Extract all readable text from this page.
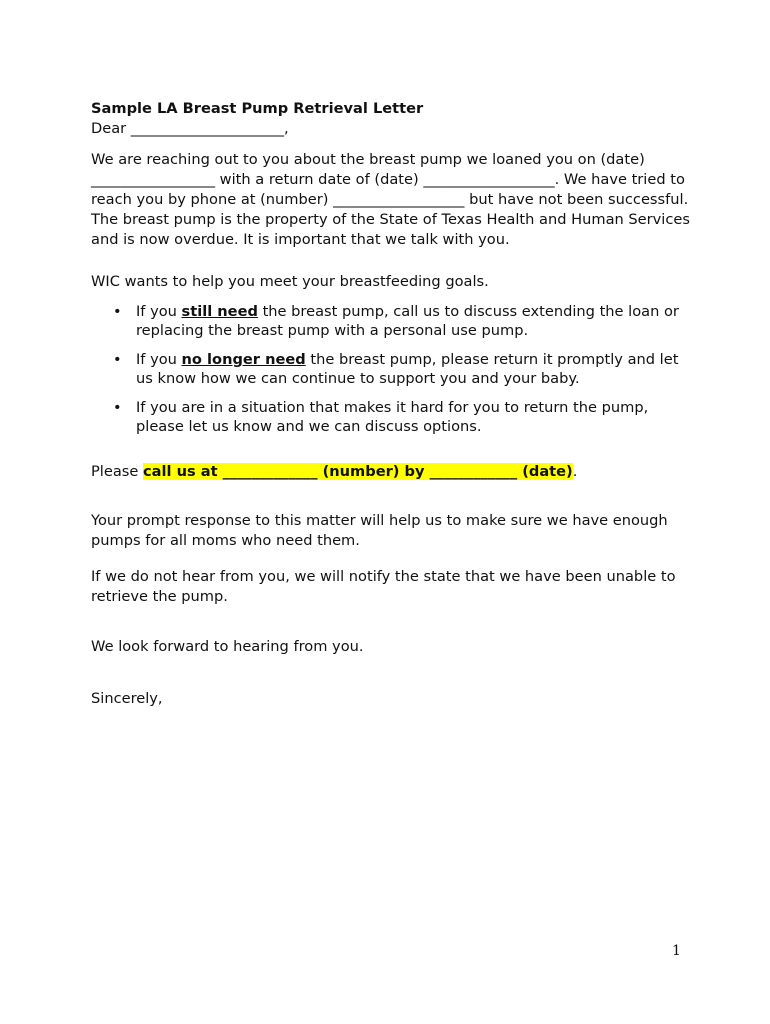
Sample LA Breast Pump Retrieval Letter

Dear _____________________,

We are reaching out to you about the breast pump we loaned you on (date) _________________ with a return date of (date) __________________. We have tried to reach you by phone at (number) __________________ but have not been successful. The breast pump is the property of the State of Texas Health and Human Services and is now overdue. It is important that we talk with you.

WIC wants to help you meet your breastfeeding goals.

• If you still need the breast pump, call us to discuss extending the loan or replacing the breast pump with a personal use pump.
• If you no longer need the breast pump, please return it promptly and let us know how we can continue to support you and your baby.
• If you are in a situation that makes it hard for you to return the pump, please let us know and we can discuss options.

Please call us at _____________ (number) by ____________ (date).

Your prompt response to this matter will help us to make sure we have enough pumps for all moms who need them.

If we do not hear from you, we will notify the state that we have been unable to retrieve the pump.

We look forward to hearing from you.

Sincerely,

1
